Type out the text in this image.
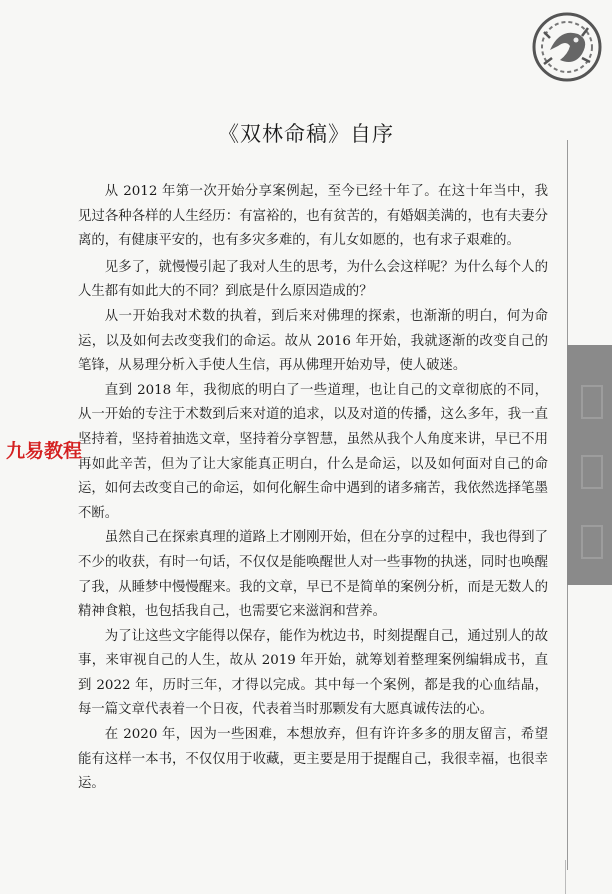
《双林命稿》自序

从 2012 年第一次开始分享案例起，至今已经十年了。在这十年当中，我见过各种各样的人生经历：有富裕的，也有贫苦的，有婚姻美满的，也有夫妻分离的，有健康平安的，也有多灾多难的，有儿女如愿的，也有求子艰难的。

见多了，就慢慢引起了我对人生的思考，为什么会这样呢？为什么每个人的人生都有如此大的不同？到底是什么原因造成的？

从一开始我对术数的执着，到后来对佛理的探索，也渐渐的明白，何为命运，以及如何去改变我们的命运。故从 2016 年开始，我就逐渐的改变自己的笔锋，从易理分析入手使人生信，再从佛理开始劝导，使人破迷。

直到 2018 年，我彻底的明白了一些道理，也让自己的文章彻底的不同，从一开始的专注于术数到后来对道的追求，以及对道的传播，这么多年，我一直坚持着，坚持着抽选文章，坚持着分享智慧，虽然从我个人角度来讲，早已不用再如此辛苦，但为了让大家能真正明白，什么是命运，以及如何面对自己的命运，如何去改变自己的命运，如何化解生命中遇到的诸多痛苦，我依然选择笔墨不断。

虽然自己在探索真理的道路上才刚刚开始，但在分享的过程中，我也得到了不少的收获，有时一句话，不仅仅是能唤醒世人对一些事物的执迷，同时也唤醒了我，从睡梦中慢慢醒来。我的文章，早已不是简单的案例分析，而是无数人的精神食粮，也包括我自己，也需要它来滋润和营养。

为了让这些文字能得以保存，能作为枕边书，时刻提醒自己，通过别人的故事，来审视自己的人生，故从 2019 年开始，就筹划着整理案例编辑成书，直到 2022 年，历时三年，才得以完成。其中每一个案例，都是我的心血结晶，每一篇文章代表着一个日夜，代表着当时那颗发有大愿真诚传法的心。

在 2020 年，因为一些困难，本想放弃，但有许许多多的朋友留言，希望能有这样一本书，不仅仅用于收藏，更主要是用于提醒自己，我很幸福，也很幸运。

九易教程
